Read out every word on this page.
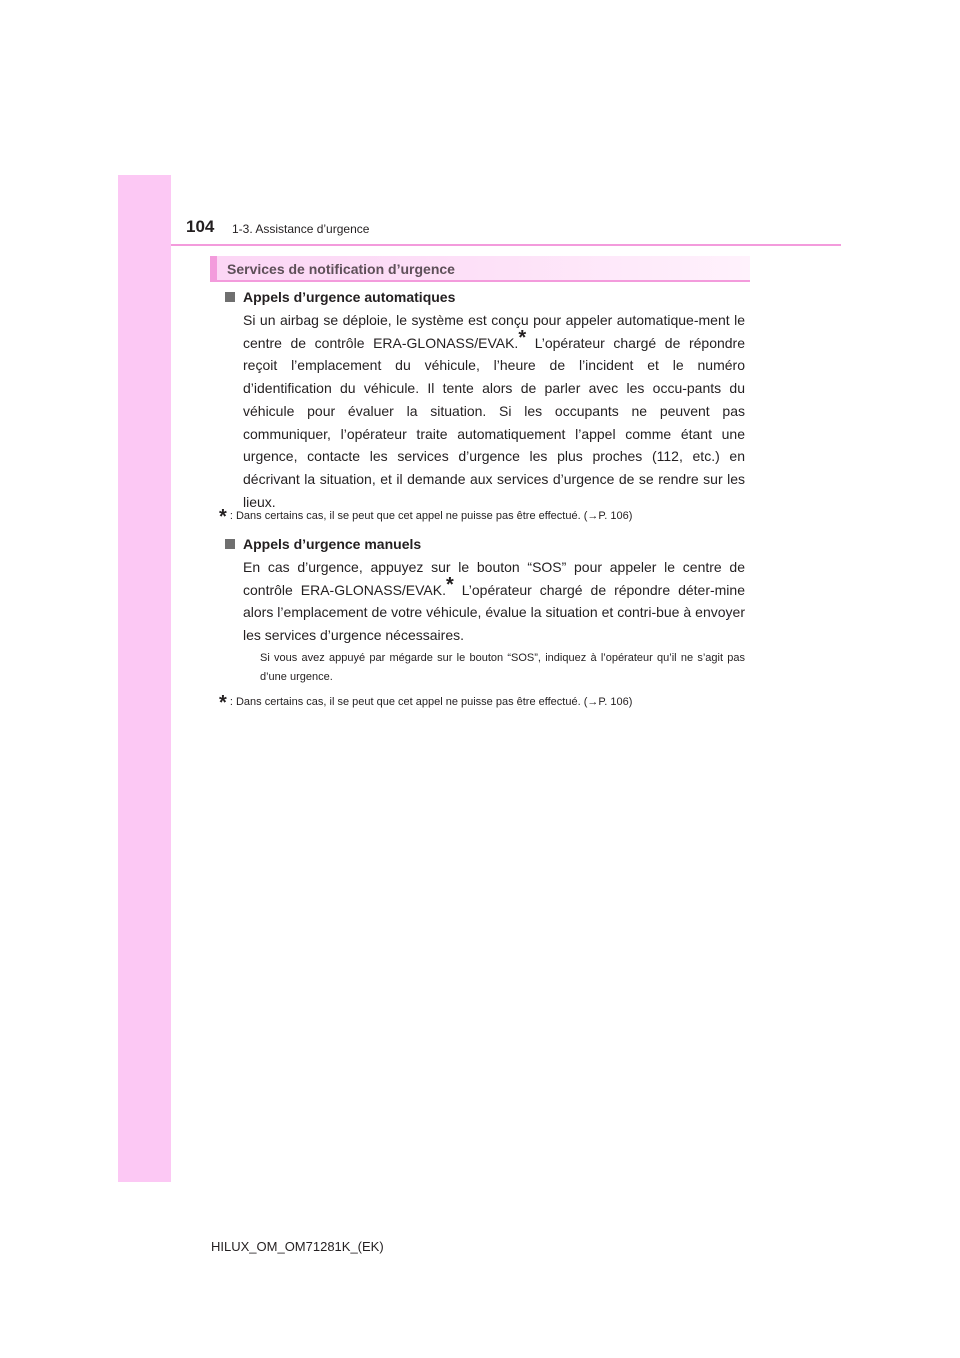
104 1-3. Assistance d’urgence
Services de notification d’urgence
Appels d’urgence automatiques

Si un airbag se déploie, le système est conçu pour appeler automatique-ment le centre de contrôle ERA-GLONASS/EVAK.* L’opérateur chargé de répondre reçoit l’emplacement du véhicule, l’heure de l’incident et le numéro d’identification du véhicule. Il tente alors de parler avec les occu-pants du véhicule pour évaluer la situation. Si les occupants ne peuvent pas communiquer, l’opérateur traite automatiquement l’appel comme étant une urgence, contacte les services d’urgence les plus proches (112, etc.) en décrivant la situation, et il demande aux services d’urgence de se rendre sur les lieux.

* : Dans certains cas, il se peut que cet appel ne puisse pas être effectué. (→P. 106)
Appels d’urgence manuels

En cas d’urgence, appuyez sur le bouton “SOS” pour appeler le centre de contrôle ERA-GLONASS/EVAK.* L’opérateur chargé de répondre déter-mine alors l’emplacement de votre véhicule, évalue la situation et contri-bue à envoyer les services d’urgence nécessaires.

Si vous avez appuyé par mégarde sur le bouton “SOS”, indiquez à l’opérateur qu’il ne s’agit pas d’une urgence.

* : Dans certains cas, il se peut que cet appel ne puisse pas être effectué. (→P. 106)
HILUX_OM_OM71281K_(EK)
